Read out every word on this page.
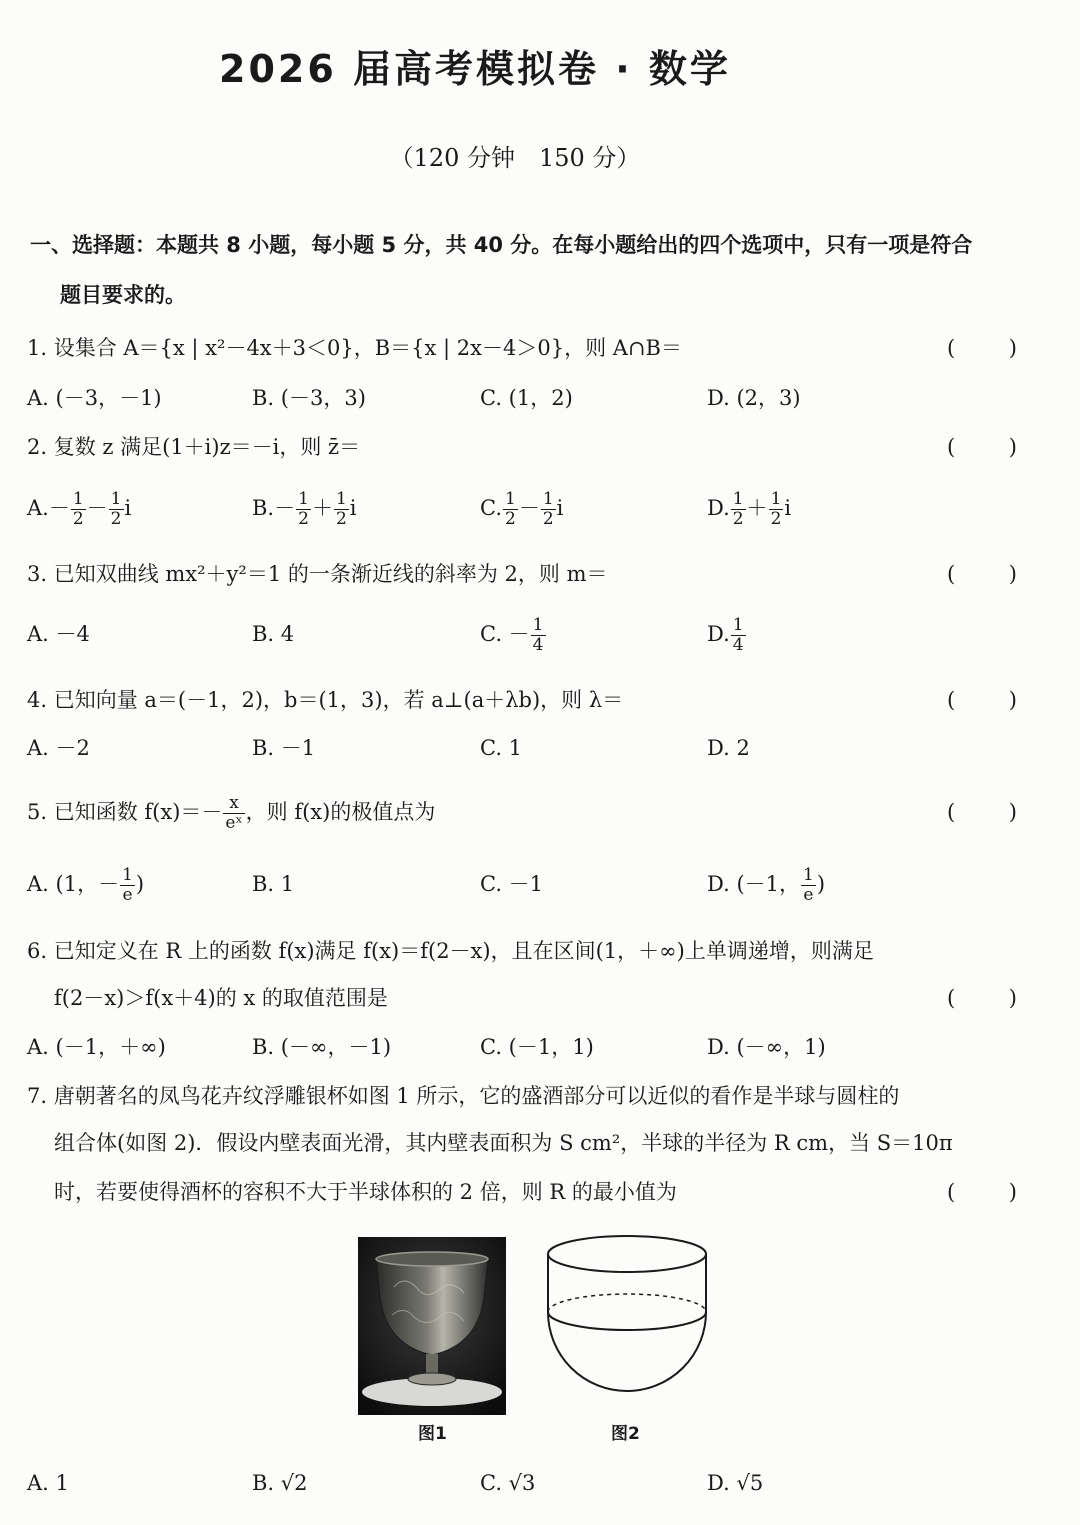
2026 届高考模拟卷 · 数学
（120 分钟　150 分）
一、选择题：本题共 8 小题，每小题 5 分，共 40 分。在每小题给出的四个选项中，只有一项是符合
题目要求的。
1. 设集合 A＝{x | x²－4x＋3＜0}，B＝{x | 2x－4＞0}，则 A∩B＝	(	)
A. (－3，－1)	B. (－3，3)	C. (1，2)	D. (2，3)
2. 复数 z 满足(1＋i)z＝－i，则 z̄＝	(	)
$A.- \frac{1}{2} - \frac{1}{2}$ i	$B.- \frac{1}{2} + \frac{1}{2}$ i	C. $\frac{1}{2} - \frac{1}{2}$ i	D. $\frac{1}{2} + \frac{1}{2}$ i
3. 已知双曲线 mx²＋y²＝1 的一条渐近线的斜率为 2，则 m＝	(	)
A. －4	B. 4	C. － $\frac{1}{4}$	D. $\frac{1}{4}$
4. 已知向量 a＝(－1，2)，b＝(1，3)，若 a⊥(a＋λb)，则 λ＝	(	)
A. －2	B. －1	C. 1	D. 2
5. 已知函数 $f(x)=- \frac{x}{\text{eˣ}}$ ，则 f(x)的极值点为	(	)
A. (1，－ $\frac{1}{e}$ )	B. 1	C. －1	D. (－1， $\frac{1}{e}$ )
6. 已知定义在 R 上的函数 f(x)满足 f(x)＝f(2－x)，且在区间(1，＋∞)上单调递增，则满足
f(2－x)＞f(x＋4)的 x 的取值范围是	(	)
A. (－1，＋∞)	B. (－∞，－1)	C. (－1，1)	D. (－∞，1)
7. 唐朝著名的凤鸟花卉纹浮雕银杯如图 1 所示，它的盛酒部分可以近似的看作是半球与圆柱的
组合体(如图 2)．假设内壁表面光滑，其内壁表面积为 S cm²，半球的半径为 R cm，当 S＝10π
时，若要使得酒杯的容积不大于半球体积的 2 倍，则 R 的最小值为	(	)
图1	图2
A. 1	B. √2	C. √3	D. √5
